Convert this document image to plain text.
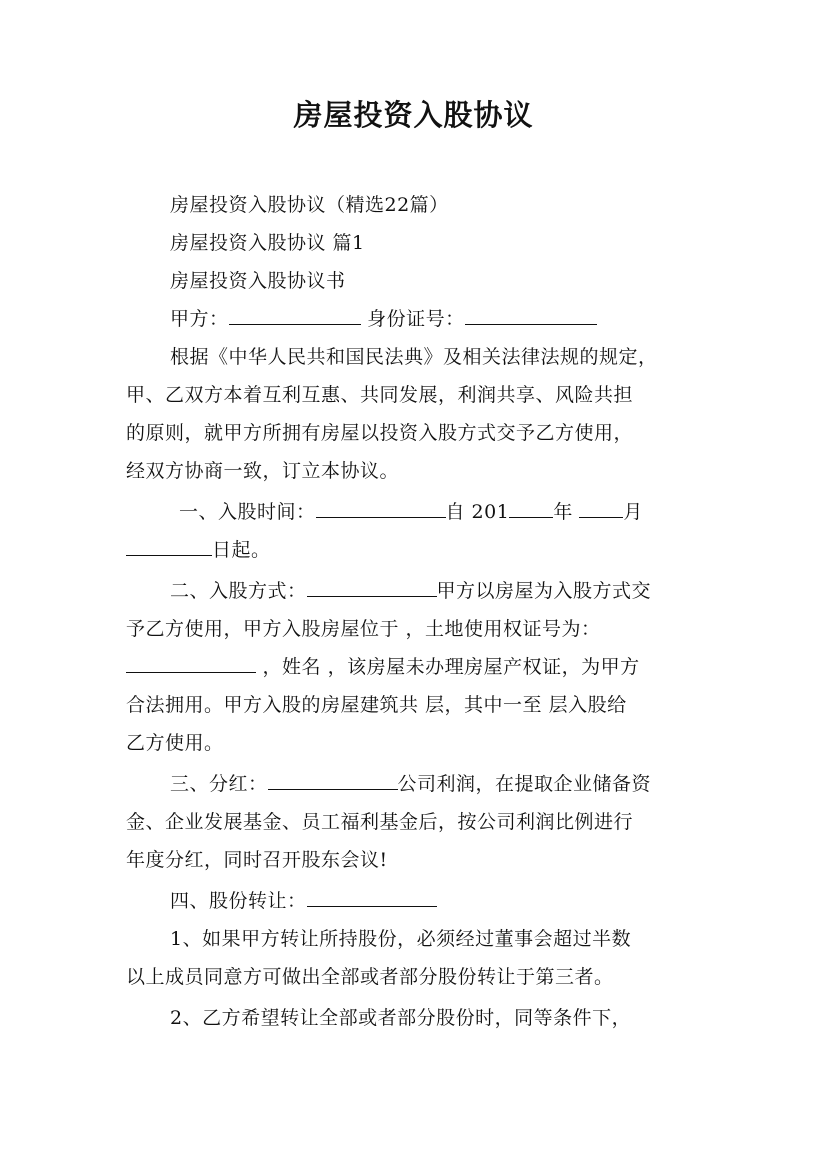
房屋投资入股协议

房屋投资入股协议（精选22篇）

房屋投资入股协议 篇1

房屋投资入股协议书

甲方：	身份证号：

根据《中华人民共和国民法典》及相关法律法规的规定，

甲、乙双方本着互利互惠、共同发展，利润共享、风险共担

的原则，就甲方所拥有房屋以投资入股方式交予乙方使用，

经双方协商一致，订立本协议。

一、入股时间：	自 201 年	月

日起。

二、入股方式：	甲方以房屋为入股方式交

予乙方使用，甲方入股房屋位于 ，土地使用权证号为：

，姓名 ，该房屋未办理房屋产权证，为甲方

合法拥用。甲方入股的房屋建筑共 层，其中一至 层入股给

乙方使用。

三、分红：	公司利润，在提取企业储备资

金、企业发展基金、员工福利基金后，按公司利润比例进行

年度分红，同时召开股东会议!

四、股份转让：

1、如果甲方转让所持股份，必须经过董事会超过半数

以上成员同意方可做出全部或者部分股份转让于第三者。

2、乙方希望转让全部或者部分股份时，同等条件下，
